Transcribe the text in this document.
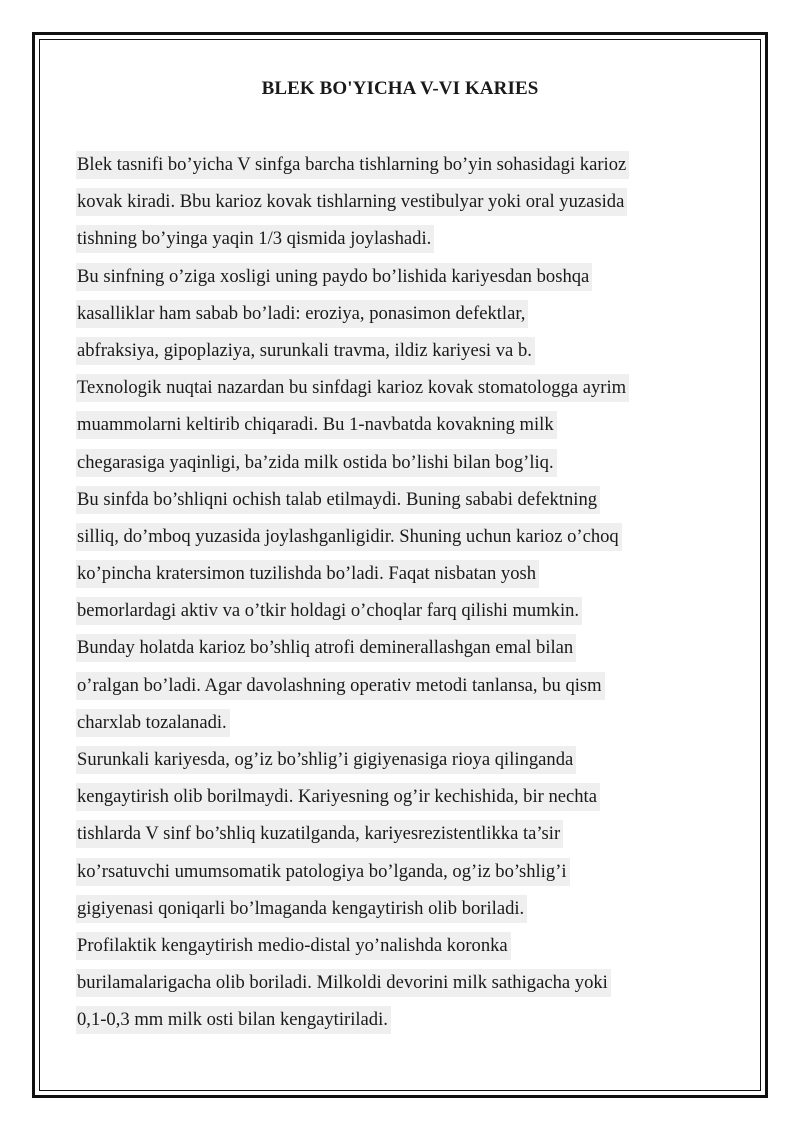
BLEK BO'YICHA V-VI KARIES
Blek tasnifi bo’yicha V sinfga barcha tishlarning bo’yin sohasidagi karioz
kovak kiradi. Bbu karioz kovak tishlarning vestibulyar yoki oral yuzasida
tishning bo’yinga yaqin 1/3 qismida joylashadi.
Bu sinfning o’ziga xosligi uning paydo bo’lishida kariyesdan boshqa
kasalliklar ham sabab bo’ladi: eroziya, ponasimon defektlar,
abfraksiya, gipoplaziya, surunkali travma, ildiz kariyesi va b.
Texnologik nuqtai nazardan bu sinfdagi karioz kovak stomatologga ayrim
muammolarni keltirib chiqaradi. Bu 1-navbatda kovakning milk
chegarasiga yaqinligi, ba’zida milk ostida bo’lishi bilan bog’liq.
Bu sinfda bo’shliqni ochish talab etilmaydi. Buning sababi defektning
silliq, do’mboq yuzasida joylashganligidir. Shuning uchun karioz o’choq
ko’pincha kratersimon tuzilishda bo’ladi. Faqat nisbatan yosh
bemorlardagi aktiv va o’tkir holdagi o’choqlar farq qilishi mumkin.
Bunday holatda karioz bo’shliq atrofi deminerallashgan emal bilan
o’ralgan bo’ladi. Agar davolashning operativ metodi tanlansa, bu qism
charxlab tozalanadi.
Surunkali kariyesda, og’iz bo’shlig’i gigiyenasiga rioya qilinganda
kengaytirish olib borilmaydi. Kariyesning og’ir kechishida, bir nechta
tishlarda V sinf bo’shliq kuzatilganda, kariyesrezistentlikka ta’sir
ko’rsatuvchi umumsomatik patologiya bo’lganda, og’iz bo’shlig’i
gigiyenasi qoniqarli bo’lmaganda kengaytirish olib boriladi.
Profilaktik kengaytirish medio-distal yo’nalishda koronka
burilamalarigacha olib boriladi. Milkoldi devorini milk sathigacha yoki
0,1-0,3 mm milk osti bilan kengaytiriladi.
